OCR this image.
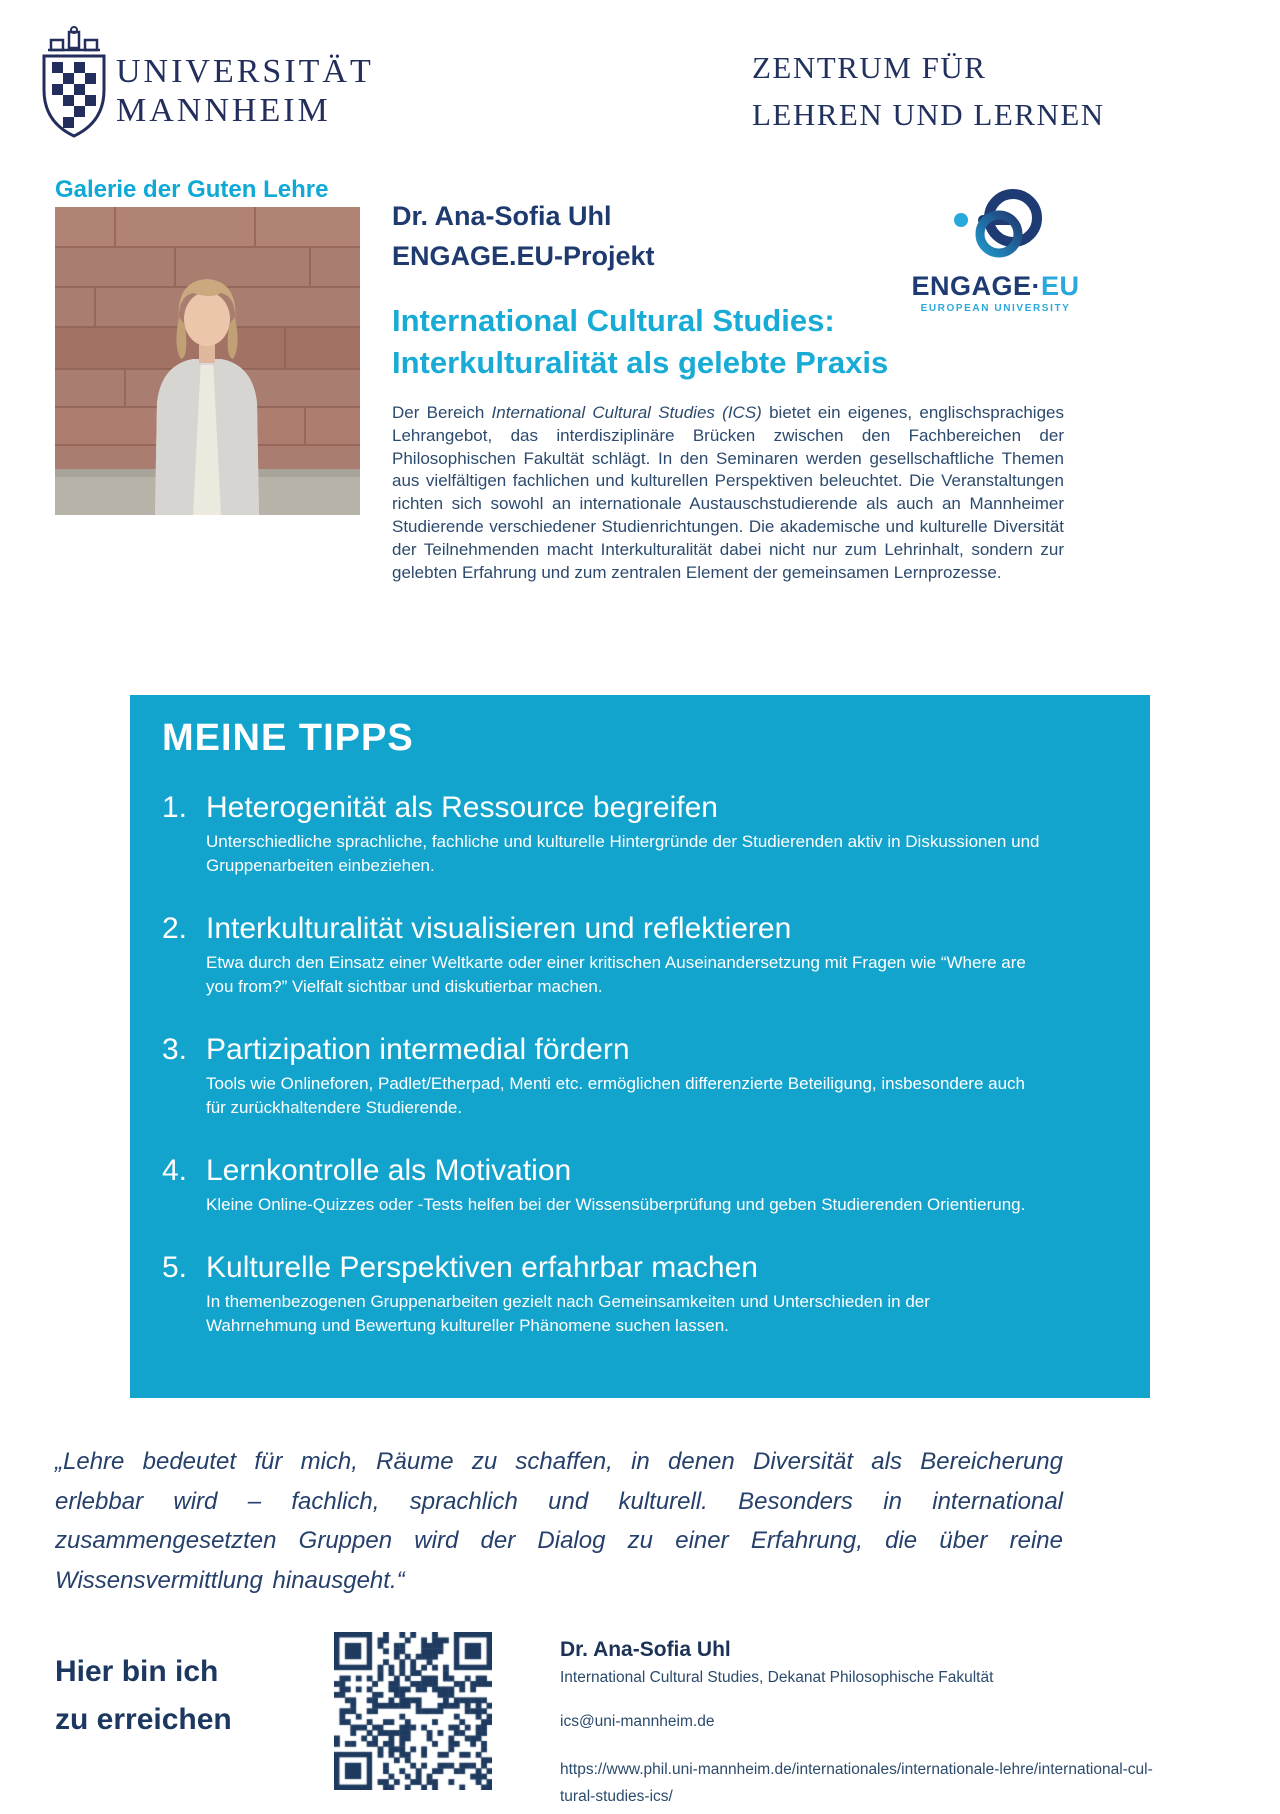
UNIVERSITÄT
MANNHEIM
ZENTRUM FÜR
LEHREN UND LERNEN
Galerie der Guten Lehre
Dr. Ana-Sofia Uhl
ENGAGE.EU-Projekt
ENGAGE·EU
EUROPEAN UNIVERSITY
International Cultural Studies:
Interkulturalität als gelebte Praxis
Der Bereich International Cultural Studies (ICS) bietet ein eigenes, englischsprachiges Lehrangebot, das interdisziplinäre Brücken zwischen den Fachbereichen der Philosophischen Fakultät schlägt. In den Seminaren werden gesellschaftliche Themen aus vielfältigen fachlichen und kulturellen Perspektiven beleuchtet. Die Veranstaltungen richten sich sowohl an internationale Austauschstudierende als auch an Mannheimer Studierende verschiedener Studienrichtungen. Die akademische und kulturelle Diversität der Teilnehmenden macht Interkulturalität dabei nicht nur zum Lehrinhalt, sondern zur gelebten Erfahrung und zum zentralen Element der gemeinsamen Lernprozesse.
MEINE TIPPS
1. Heterogenität als Ressource begreifen
Unterschiedliche sprachliche, fachliche und kulturelle Hintergründe der Studierenden aktiv in Diskussionen und Gruppenarbeiten einbeziehen.
2. Interkulturalität visualisieren und reflektieren
Etwa durch den Einsatz einer Weltkarte oder einer kritischen Auseinandersetzung mit Fragen wie “Where are you from?” Vielfalt sichtbar und diskutierbar machen.
3. Partizipation intermedial fördern
Tools wie Onlineforen, Padlet/Etherpad, Menti etc. ermöglichen differenzierte Beteiligung, insbesondere auch für zurückhaltendere Studierende.
4. Lernkontrolle als Motivation
Kleine Online-Quizzes oder -Tests helfen bei der Wissensüberprüfung und geben Studierenden Orientierung.
5. Kulturelle Perspektiven erfahrbar machen
In themenbezogenen Gruppenarbeiten gezielt nach Gemeinsamkeiten und Unterschieden in der Wahrnehmung und Bewertung kultureller Phänomene suchen lassen.
„Lehre bedeutet für mich, Räume zu schaffen, in denen Diversität als Bereicherung erlebbar wird – fachlich, sprachlich und kulturell. Besonders in international zusammengesetzten Gruppen wird der Dialog zu einer Erfahrung, die über reine Wissensvermittlung hinausgeht.“
Hier bin ich
zu erreichen
Dr. Ana-Sofia Uhl
International Cultural Studies, Dekanat Philosophische Fakultät
ics@uni-mannheim.de
https://www.phil.uni-mannheim.de/internationales/internationale-lehre/international-cul-
tural-studies-ics/
